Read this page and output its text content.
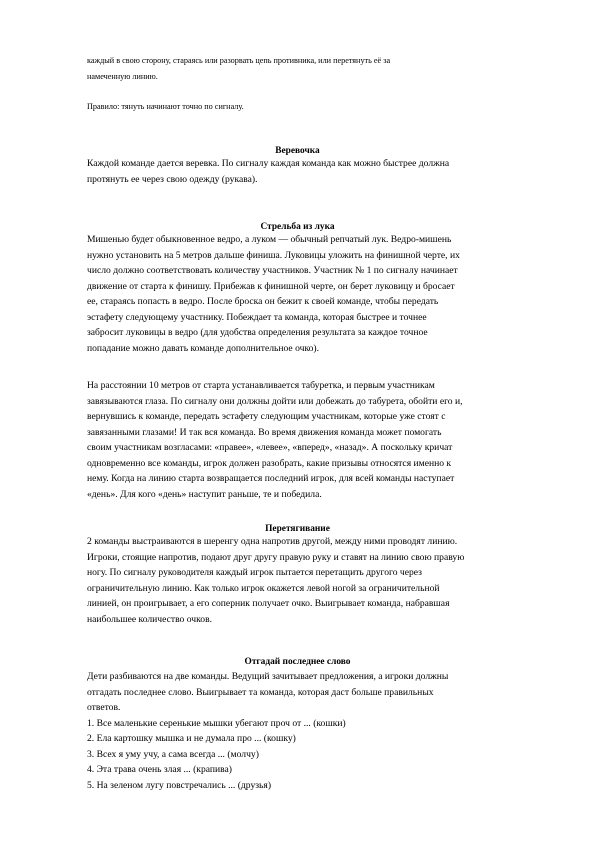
каждый в свою сторону, стараясь или разорвать цепь противника, или перетянуть её за

намеченную линию.

Правило: тянуть начинают точно по сигналу.

Веревочка

Каждой команде дается веревка. По сигналу каждая команда как можно быстрее должна

протянуть ее через свою одежду (рукава).

Стрельба из лука

Мишенью будет обыкновенное ведро, а луком — обычный репчатый лук. Ведро-мишень

нужно установить на 5 метров дальше финиша. Луковицы уложить на финишной черте, их

число должно соответствовать количеству участников. Участник № 1 по сигналу начинает

движение от старта к финишу. Прибежав к финишной черте, он берет луковицу и бросает

ее, стараясь попасть в ведро. После броска он бежит к своей команде, чтобы передать

эстафету следующему участнику. Побеждает та команда, которая быстрее и точнее

забросит луковицы в ведро (для удобства определения результата за каждое точное

попадание можно давать команде дополнительное очко).

На расстоянии 10 метров от старта устанавливается табуретка, и первым участникам

завязываются глаза. По сигналу они должны дойти или добежать до табурета, обойти его и,

вернувшись к команде, передать эстафету следующим участникам, которые уже стоят с

завязанными глазами! И так вся команда. Во время движения команда может помогать

своим участникам возгласами: «правее», «левее», «вперед», «назад». А поскольку кричат

одновременно все команды, игрок должен разобрать, какие призывы относятся именно к

нему. Когда на линию старта возвращается последний игрок, для всей команды наступает

«день». Для кого «день» наступит раньше, те и победила.

Перетягивание

2 команды выстраиваются в шеренгу одна напротив другой, между ними проводят линию.

Игроки, стоящие напротив, подают друг другу правую руку и ставят на линию свою правую

ногу. По сигналу руководителя каждый игрок пытается перетащить другого через

ограничительную линию. Как только игрок окажется левой ногой за ограничительной

линией, он проигрывает, а его соперник получает очко. Выигрывает команда, набравшая

наибольшее количество очков.

Отгадай последнее слово

Дети разбиваются на две команды. Ведущий зачитывает предложения, а игроки должны

отгадать последнее слово. Выигрывает та команда, которая даст больше правильных

ответов.

1. Все маленькие серенькие мышки убегают проч от ... (кошки)

2. Ела картошку мышка и не думала про ... (кошку)

3. Всех я уму учу, а сама всегда ... (молчу)

4. Эта трава очень злая ... (крапива)

5. На зеленом лугу повстречались ... (друзья)
